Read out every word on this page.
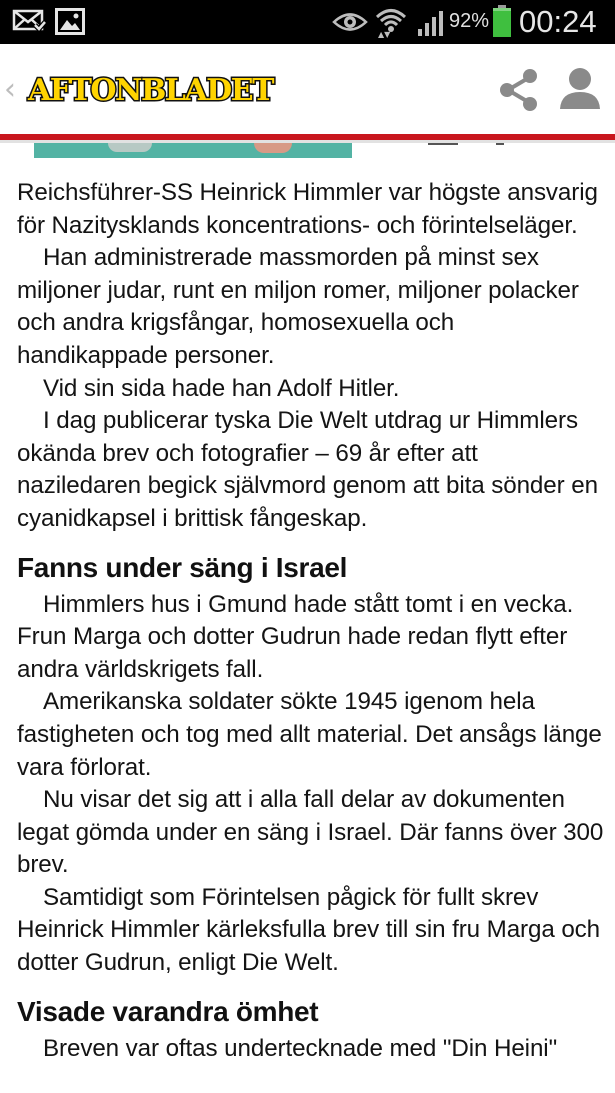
▲▼
92% 00:24
‹ AFTONBLADET

Reichsführer-SS Heinrick Himmler var högste ansvarig för Nazitysklands koncentrations- och förintelseläger.

Han administrerade massmorden på minst sex miljoner judar, runt en miljon romer, miljoner polacker och andra krigsfångar, homosexuella och handikappade personer.

Vid sin sida hade han Adolf Hitler.

I dag publicerar tyska Die Welt utdrag ur Himmlers okända brev och fotografier – 69 år efter att naziledaren begick självmord genom att bita sönder en cyanidkapsel i brittisk fångeskap.

Fanns under säng i Israel

Himmlers hus i Gmund hade stått tomt i en vecka. Frun Marga och dotter Gudrun hade redan flytt efter andra världskrigets fall.

Amerikanska soldater sökte 1945 igenom hela fastigheten och tog med allt material. Det ansågs länge vara förlorat.

Nu visar det sig att i alla fall delar av dokumenten legat gömda under en säng i Israel. Där fanns över 300 brev.

Samtidigt som Förintelsen pågick för fullt skrev Heinrick Himmler kärleksfulla brev till sin fru Marga och dotter Gudrun, enligt Die Welt.

Visade varandra ömhet

Breven var oftas undertecknade med "Din Heini"
